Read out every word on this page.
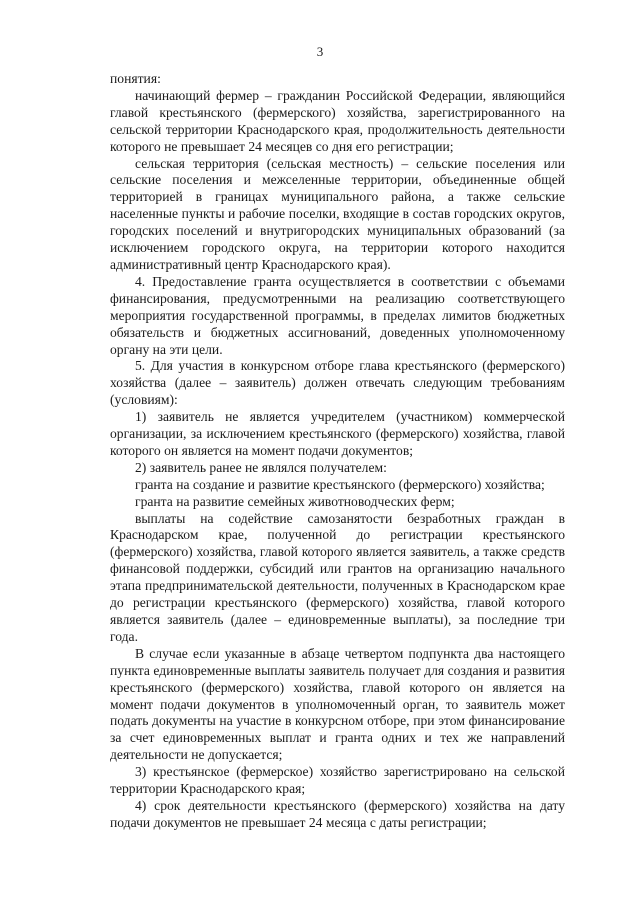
3

понятия:

начинающий фермер – гражданин Российской Федерации, являющийся главой крестьянского (фермерского) хозяйства, зарегистрированного на сельской территории Краснодарского края, продолжительность деятельности которого не превышает 24 месяцев со дня его регистрации;

сельская территория (сельская местность) – сельские поселения или сельские поселения и межселенные территории, объединенные общей территорией в границах муниципального района, а также сельские населенные пункты и рабочие поселки, входящие в состав городских округов, городских поселений и внутригородских муниципальных образований (за исключением городского округа, на территории которого находится административный центр Краснодарского края).

4. Предоставление гранта осуществляется в соответствии с объемами финансирования, предусмотренными на реализацию соответствующего мероприятия государственной программы, в пределах лимитов бюджетных обязательств и бюджетных ассигнований, доведенных уполномоченному органу на эти цели.

5. Для участия в конкурсном отборе глава крестьянского (фермерского) хозяйства (далее – заявитель) должен отвечать следующим требованиям (условиям):

1) заявитель не является учредителем (участником) коммерческой организации, за исключением крестьянского (фермерского) хозяйства, главой которого он является на момент подачи документов;

2) заявитель ранее не являлся получателем:

гранта на создание и развитие крестьянского (фермерского) хозяйства;

гранта на развитие семейных животноводческих ферм;

выплаты на содействие самозанятости безработных граждан в Краснодарском крае, полученной до регистрации крестьянского (фермерского) хозяйства, главой которого является заявитель, а также средств финансовой поддержки, субсидий или грантов на организацию начального этапа предпринимательской деятельности, полученных в Краснодарском крае до регистрации крестьянского (фермерского) хозяйства, главой которого является заявитель (далее – единовременные выплаты), за последние три года.

В случае если указанные в абзаце четвертом подпункта два настоящего пункта единовременные выплаты заявитель получает для создания и развития крестьянского (фермерского) хозяйства, главой которого он является на момент подачи документов в уполномоченный орган, то заявитель может подать документы на участие в конкурсном отборе, при этом финансирование за счет единовременных выплат и гранта одних и тех же направлений деятельности не допускается;

3) крестьянское (фермерское) хозяйство зарегистрировано на сельской территории Краснодарского края;

4) срок деятельности крестьянского (фермерского) хозяйства на дату подачи документов не превышает 24 месяца с даты регистрации;
